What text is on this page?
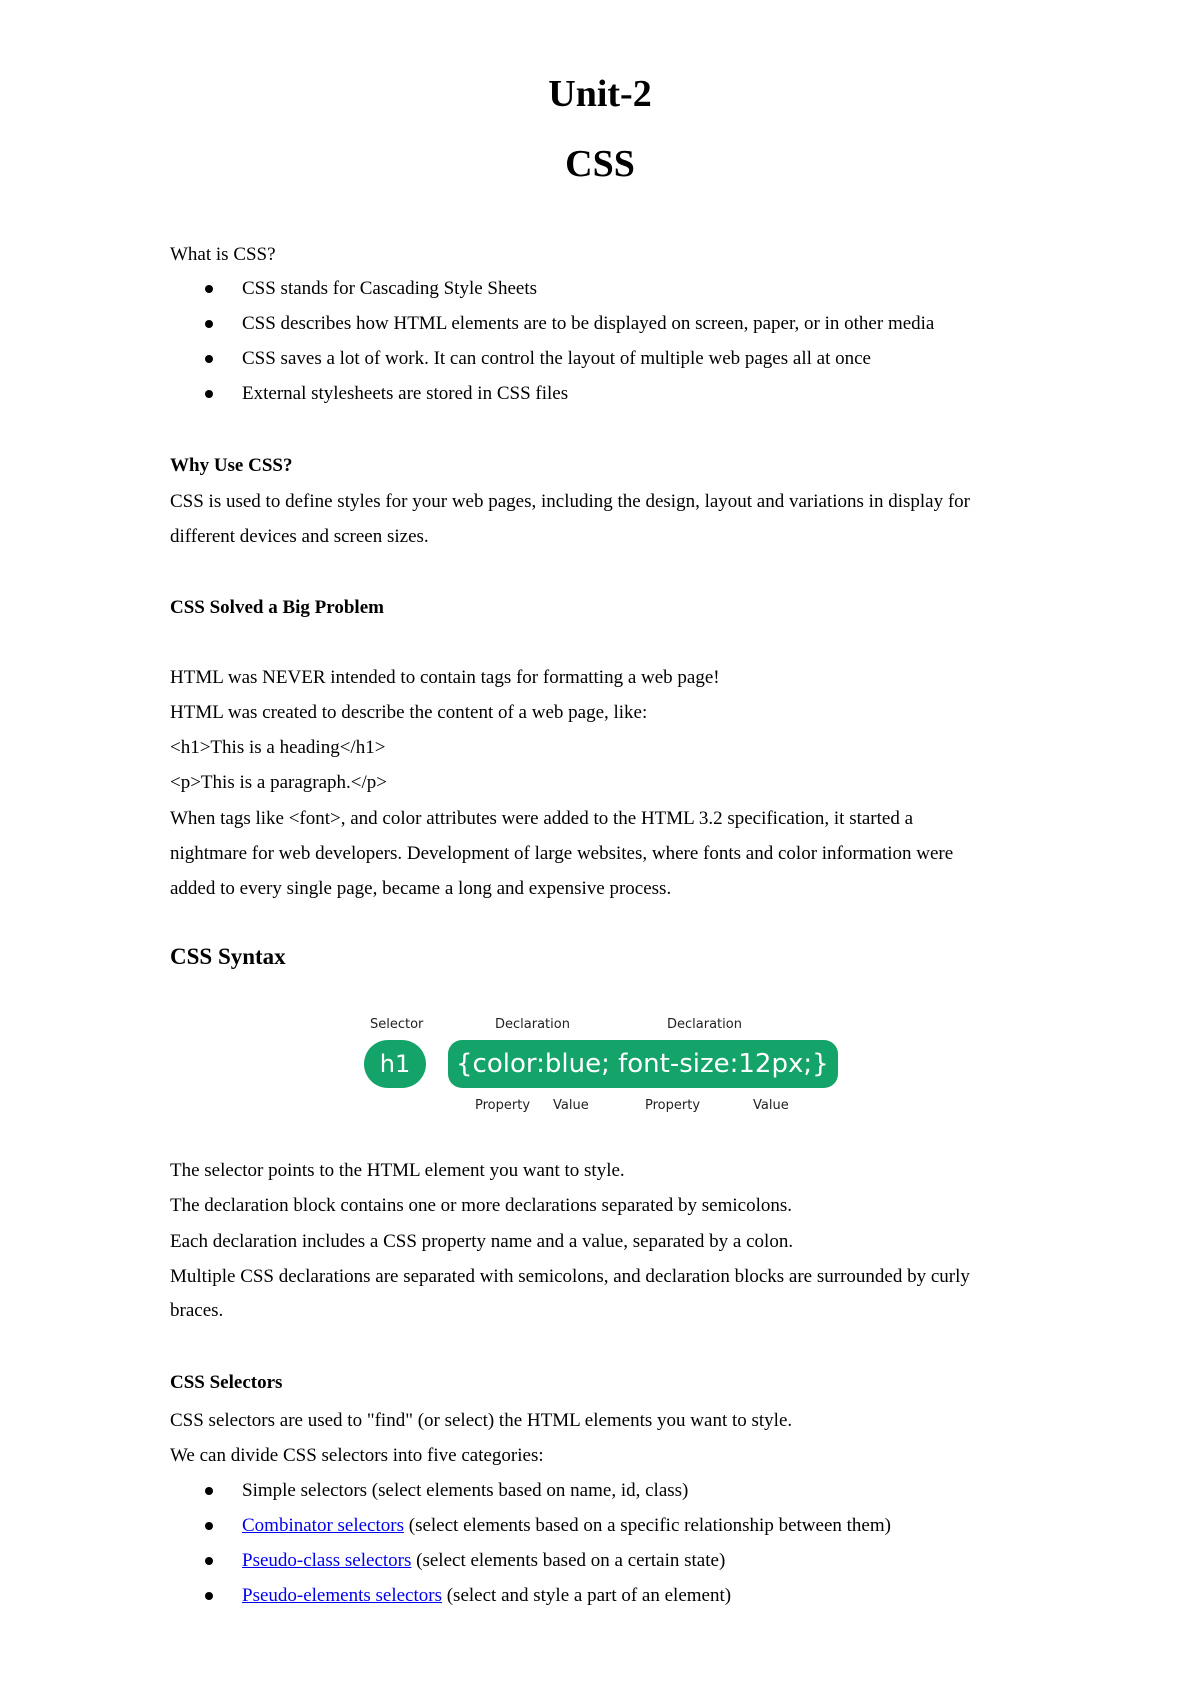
Unit-2
CSS

What is CSS?

CSS stands for Cascading Style Sheets
CSS describes how HTML elements are to be displayed on screen, paper, or in other media
CSS saves a lot of work. It can control the layout of multiple web pages all at once
External stylesheets are stored in CSS files

Why Use CSS?

CSS is used to define styles for your web pages, including the design, layout and variations in display for

different devices and screen sizes.

CSS Solved a Big Problem

HTML was NEVER intended to contain tags for formatting a web page!

HTML was created to describe the content of a web page, like:

<h1>This is a heading</h1>

<p>This is a paragraph.</p>

When tags like <font>, and color attributes were added to the HTML 3.2 specification, it started a

nightmare for web developers. Development of large websites, where fonts and color information were

added to every single page, became a long and expensive process.

CSS Syntax
Selector	Declaration	Declaration
h1	{color:blue; font-size:12px;}
Property Value	Property	Value

The selector points to the HTML element you want to style.

The declaration block contains one or more declarations separated by semicolons.

Each declaration includes a CSS property name and a value, separated by a colon.

Multiple CSS declarations are separated with semicolons, and declaration blocks are surrounded by curly

braces.

CSS Selectors

CSS selectors are used to "find" (or select) the HTML elements you want to style.

We can divide CSS selectors into five categories:

Simple selectors (select elements based on name, id, class)
Combinator selectors (select elements based on a specific relationship between them)
Pseudo-class selectors (select elements based on a certain state)
Pseudo-elements selectors (select and style a part of an element)
